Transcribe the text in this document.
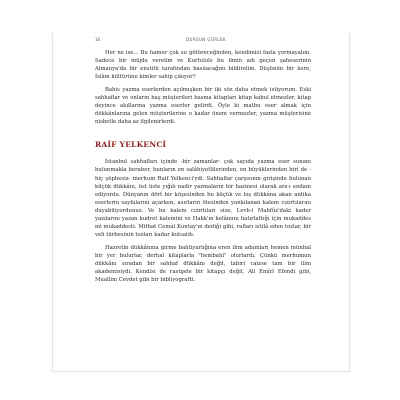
16	DURSUN GÜRLEK

Her ne ise... Bu hamur çok su götüreceğinden, kendimizi fazla yormayalım. Sadece bir müjde verelim ve Kurtululs bu ilmin adı geçen şaheserinin Almanya'da bir enstitü tarafından basılacağını bildirelim. Düşünün bir kere, İslâm kültürüne kimler sahip çıkıyor?

Bahis yazma eserlerden açılmışken bir iki söz daha etmek istiyorum. Eski sahhaflar ve onların baş müşterileri basma kitapları kitap kabul etmezler, kitap deyince akıllarına yazma eserler gelirdi. Öyle ki matbu eser almak için dükkânlarına gelen müşterilerine o kadar önem vermezler, yazma müşterisine nisbetle daha az ilgilenirlerdi.

RAİF YELKENCİ

İstanbul sahhafları içinde -bir zamanlar- çok sayıda yazma eser sunanı bulunmakla beraber, bunların en salâhiyetlilerinden, en büyüklerinden biri de -hiç şüphesiz- merhum Raif Yelkenci'ydi. Sahhaflar çarşısının girişinde bulunan küçük dükkânı, üst üste yığılı nadir yazmaların bir hazinesi olarak arz-ı endam ediyordu. Dünyanın dört bir köşesinden bu küçük ve loş dükkâna akan antika eserlerin sayfalarını açarken, asırların ötesinden yankılanan kalem cızırtılarını duyabiliyordunuz. Ve bu kalem cızırtıları size, Levh-i Mahfûz'daki kader yazılarını yazan kudret kalemini ve Hakk'ın kelâmını hatırlattığı için mukaddes mi mukaddesti. Mithat Cemal Kuntay'ın dediği gibi, rafları istilâ eden tozlar, bir veli türbesinin tozları kadar kutsaldı.

Hazretin dükkânına girme bahtiyarlığına eren ilim adamları hemen münhal bir yer bulurlar, derhal kitaplarla "hembahl" olurlardı. Çünkü merhumun dükkânı sıradan bir sahhaf dükkânı değil, tabiri caizse tam bir ilim akademisiydi. Kendisi de rastgele bir kitapçı değil, Ali Emîrî Efendi gibi, Muallim Cevdet gibi bir bibliyografti.
